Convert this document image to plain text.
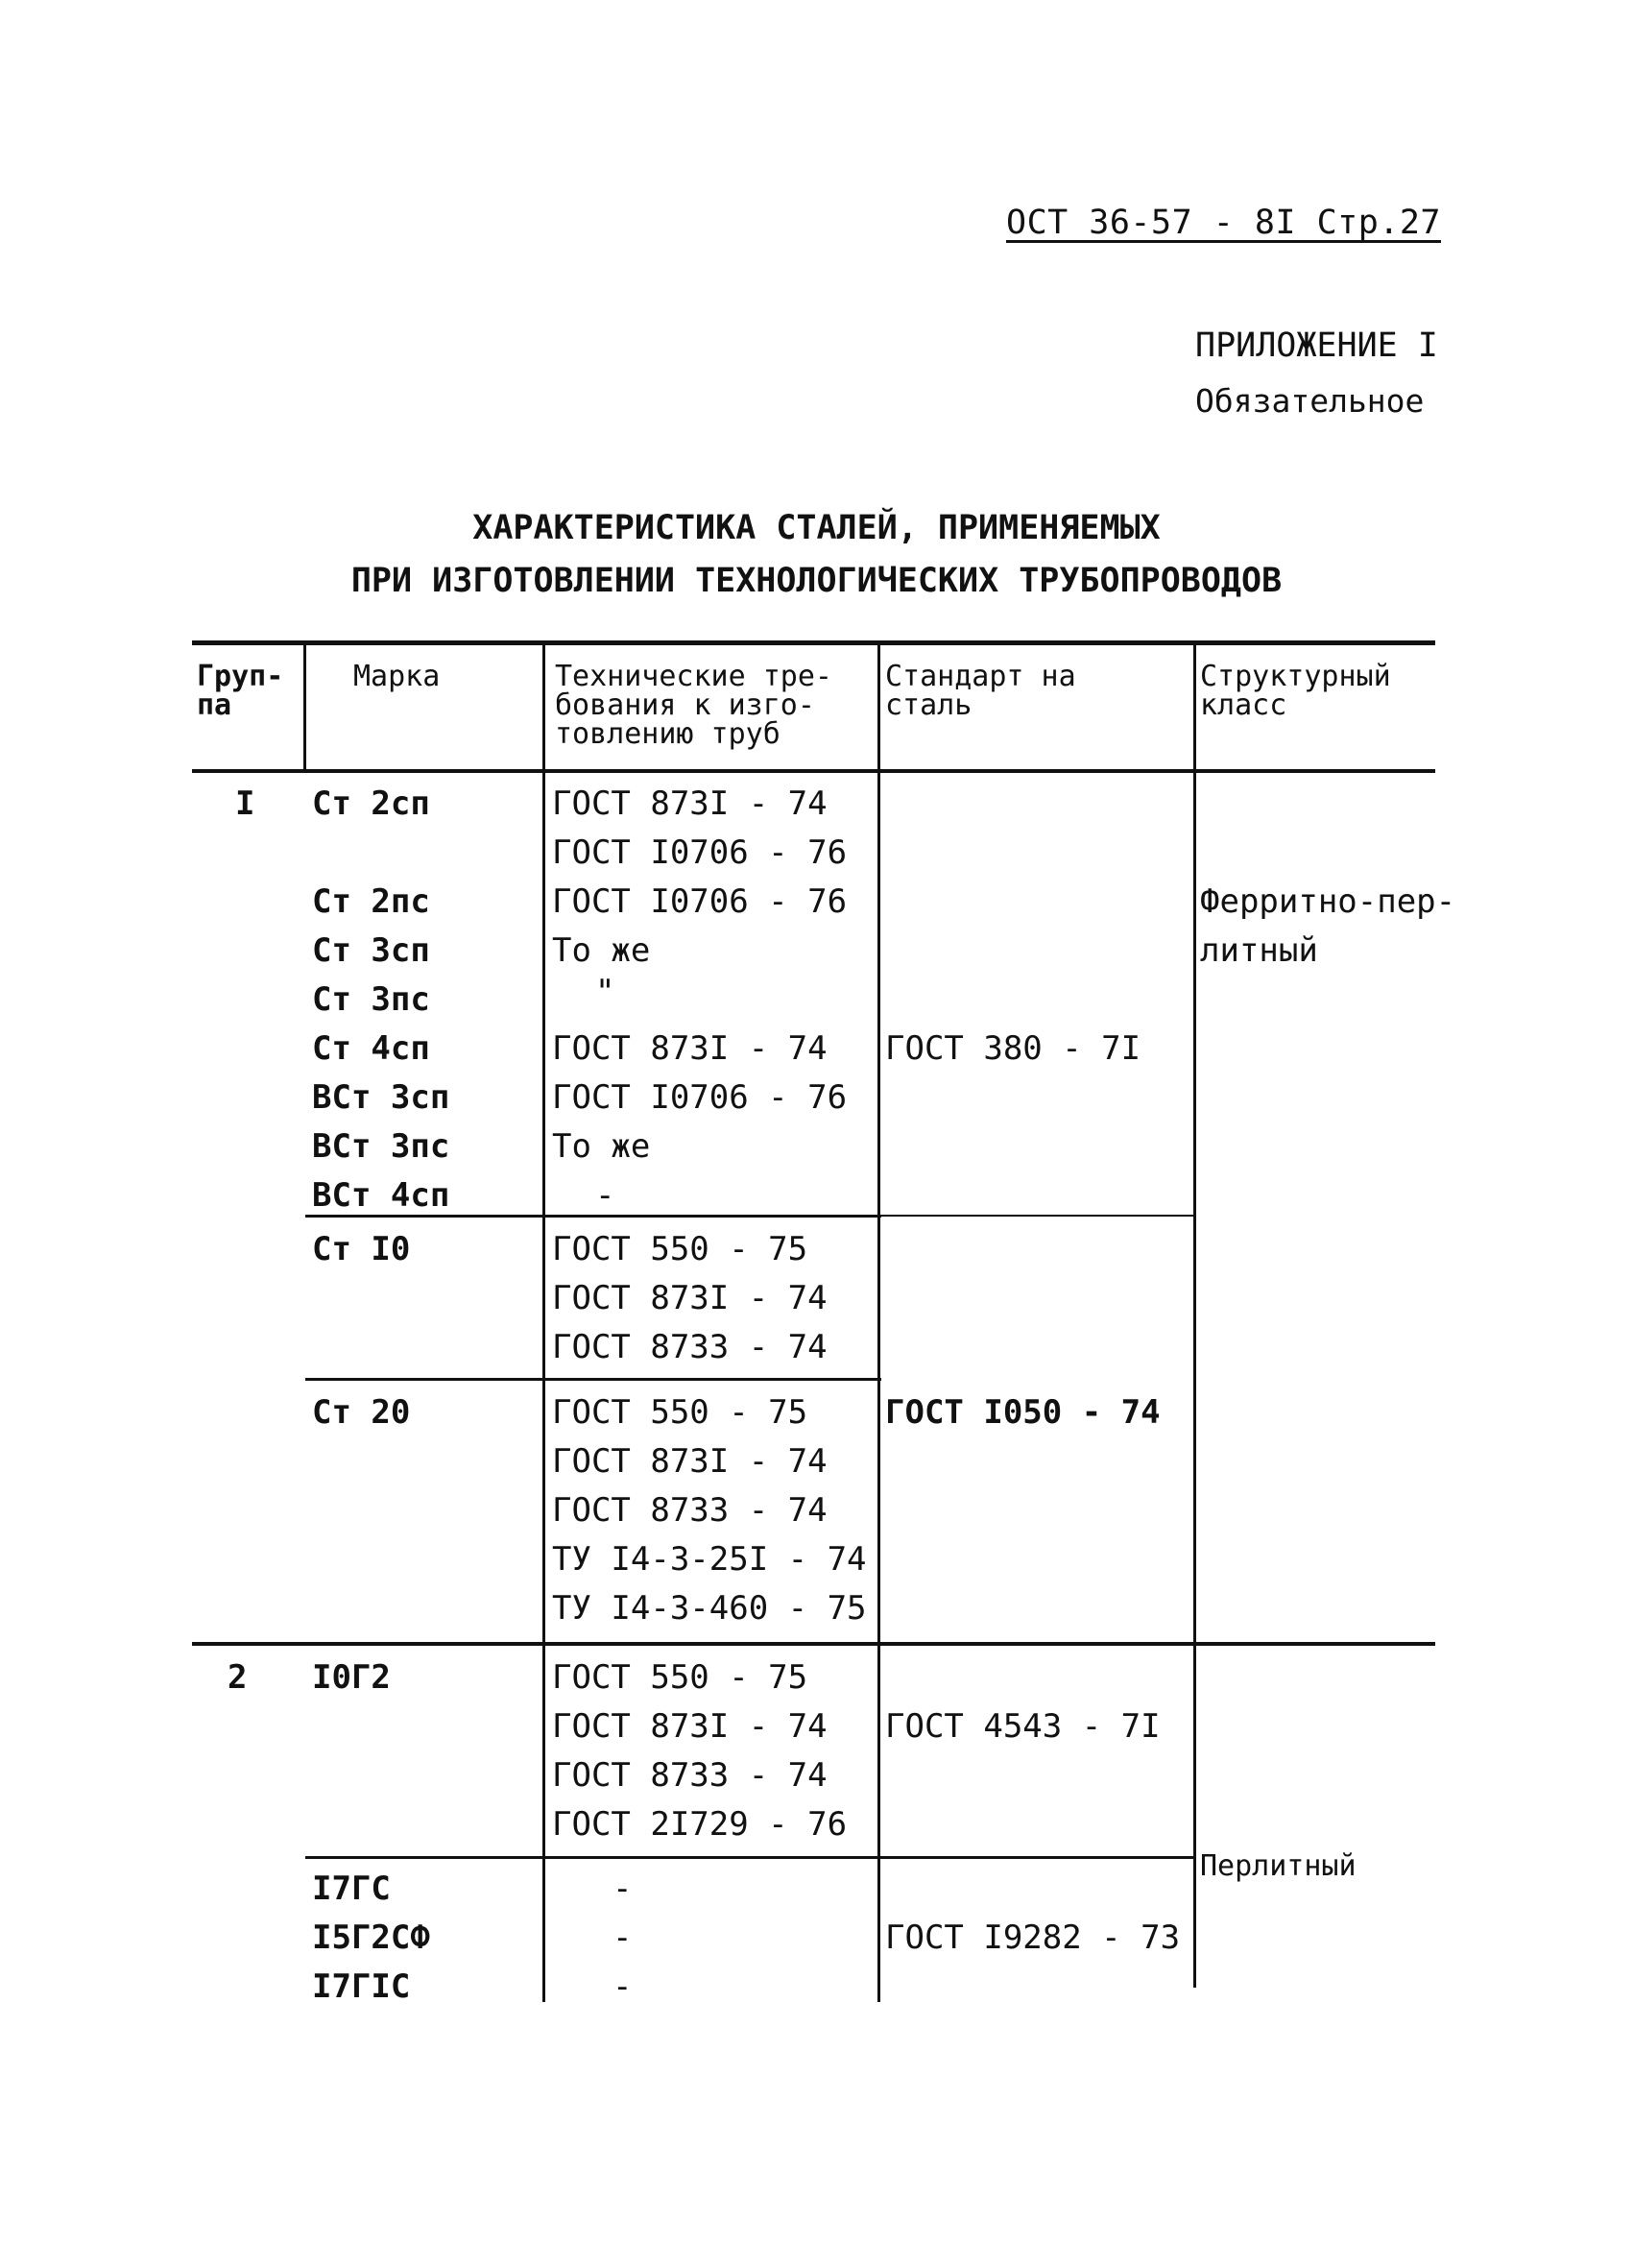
ОСТ 36-57 - 8I Стр.27
ПРИЛОЖЕНИЕ I
Обязательное
ХАРАКТЕРИСТИКА СТАЛЕЙ, ПРИМЕНЯЕМЫХ
ПРИ ИЗГОТОВЛЕНИИ ТЕХНОЛОГИЧЕСКИХ ТРУБОПРОВОДОВ
Груп-
па
Марка	Технические тре-
бования к изго-
товлению труб
Стандарт на
сталь
Структурный
класс
I
2
Ст 2сп
Ст 2пс
Ст 3сп
Ст 3пс
Ст 4сп
ВСт 3сп
ВСт 3пс
ВСт 4сп
Ст I0
Ст 20
I0Г2
I7ГС
I5Г2СФ
I7ГIС
ГОСТ 873I - 74
ГОСТ I0706 - 76
ГОСТ I0706 - 76
То же
"
ГОСТ 873I - 74
ГОСТ I0706 - 76
То же
-
ГОСТ 550 - 75
ГОСТ 873I - 74
ГОСТ 8733 - 74
ГОСТ 550 - 75
ГОСТ 873I - 74
ГОСТ 8733 - 74
ТУ I4-3-25I - 74
ТУ I4-3-460 - 75
ГОСТ 550 - 75
ГОСТ 873I - 74
ГОСТ 8733 - 74
ГОСТ 2I729 - 76
-
-
-
ГОСТ 380 - 7I
ГОСТ I050 - 74
ГОСТ 4543 - 7I
ГОСТ I9282 - 73
Ферритно-пер-
литный
Перлитный
